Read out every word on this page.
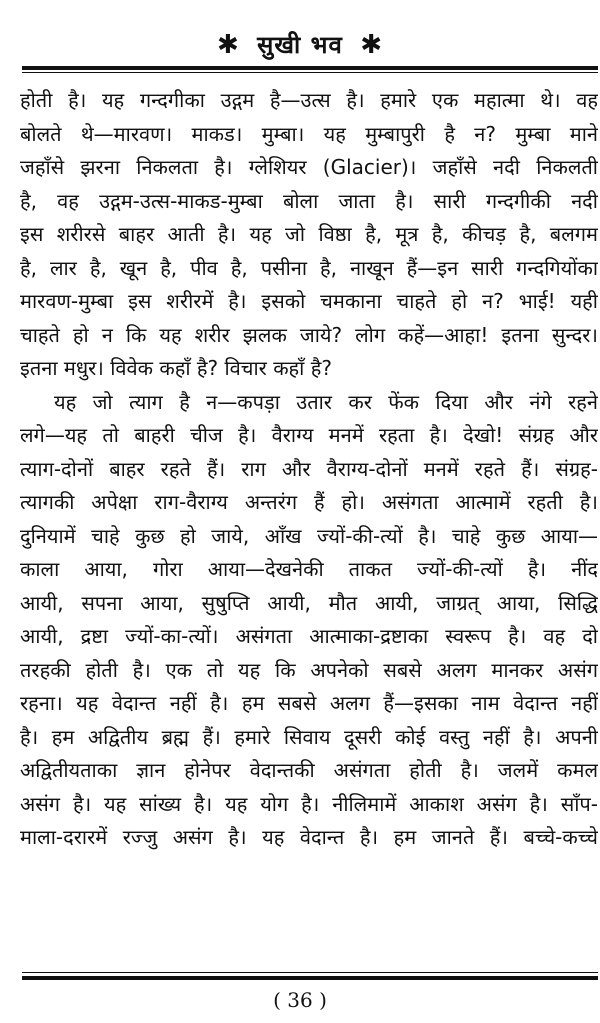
✱ सुखी भव ✱
होती है। यह गन्दगीका उद्गम है—उत्स है। हमारे एक महात्मा थे। वह
बोलते थे—मारवण। माकड। मुम्बा। यह मुम्बापुरी है न? मुम्बा माने
जहाँसे झरना निकलता है। ग्लेशियर (Glacier)। जहाँसे नदी निकलती
है, वह उद्गम-उत्स-माकड-मुम्बा बोला जाता है। सारी गन्दगीकी नदी
इस शरीरसे बाहर आती है। यह जो विष्ठा है, मूत्र है, कीचड़ है, बलगम
है, लार है, खून है, पीव है, पसीना है, नाखून हैं—इन सारी गन्दगियोंका
मारवण-मुम्बा इस शरीरमें है। इसको चमकाना चाहते हो न? भाई! यही
चाहते हो न कि यह शरीर झलक जाये? लोग कहें—आहा! इतना सुन्दर।
इतना मधुर। विवेक कहाँ है? विचार कहाँ है?
यह जो त्याग है न—कपड़ा उतार कर फेंक दिया और नंगे रहने
लगे—यह तो बाहरी चीज है। वैराग्य मनमें रहता है। देखो! संग्रह और
त्याग-दोनों बाहर रहते हैं। राग और वैराग्य-दोनों मनमें रहते हैं। संग्रह-
त्यागकी अपेक्षा राग-वैराग्य अन्तरंग हैं हो। असंगता आत्मामें रहती है।
दुनियामें चाहे कुछ हो जाये, आँख ज्यों-की-त्यों है। चाहे कुछ आया—
काला आया, गोरा आया—देखनेकी ताकत ज्यों-की-त्यों है। नींद
आयी, सपना आया, सुषुप्ति आयी, मौत आयी, जाग्रत् आया, सिद्धि
आयी, द्रष्टा ज्यों-का-त्यों। असंगता आत्माका-द्रष्टाका स्वरूप है। वह दो
तरहकी होती है। एक तो यह कि अपनेको सबसे अलग मानकर असंग
रहना। यह वेदान्त नहीं है। हम सबसे अलग हैं—इसका नाम वेदान्त नहीं
है। हम अद्वितीय ब्रह्म हैं। हमारे सिवाय दूसरी कोई वस्तु नहीं है। अपनी
अद्वितीयताका ज्ञान होनेपर वेदान्तकी असंगता होती है। जलमें कमल
असंग है। यह सांख्य है। यह योग है। नीलिमामें आकाश असंग है। साँप-
माला-दरारमें रज्जु असंग है। यह वेदान्त है। हम जानते हैं। बच्चे-कच्चे
( 36 )
